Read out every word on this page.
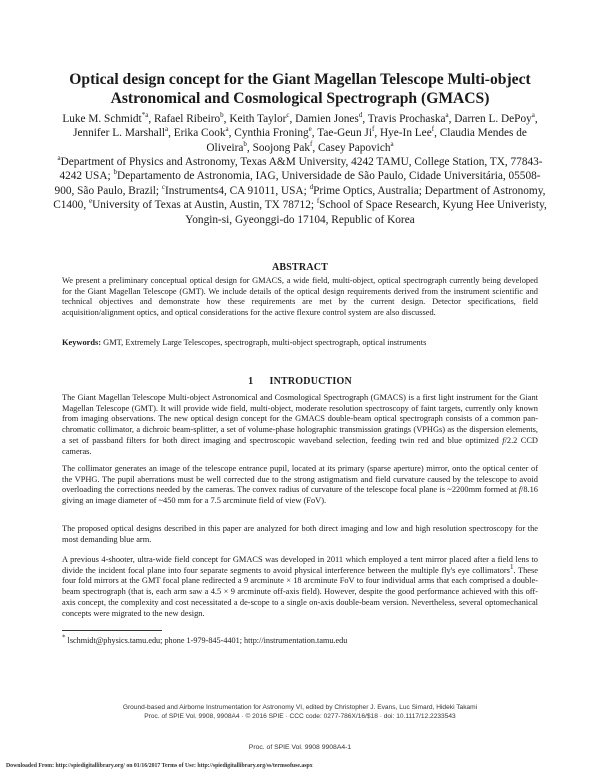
Optical design concept for the Giant Magellan Telescope Multi-object
Astronomical and Cosmological Spectrograph (GMACS)
Luke M. Schmidt$^{*a}$, Rafael Ribeiro$^b$, Keith Taylor$^c$, Damien Jones$^d$, Travis Prochaska$^a$, Darren L. DePoy$^a$, Jennifer L. Marshall$^a$, Erika Cook$^a$, Cynthia Froning$^e$, Tae-Geun Ji$^f$, Hye-In Lee$^f$, Claudia Mendes de Oliveira$^b$, Soojong Pak$^f$, Casey Papovich$^a$
$^a$Department of Physics and Astronomy, Texas A&M University, 4242 TAMU, College Station, TX, 77843-4242 USA; $^b$Departamento de Astronomia, IAG, Universidade de São Paulo, Cidade Universitária, 05508-900, São Paulo, Brazil; $^c$Instruments4, CA 91011, USA; $^d$Prime Optics, Australia; Department of Astronomy, C1400, $^e$University of Texas at Austin, Austin, TX 78712; $^f$School of Space Research, Kyung Hee Univeristy, Yongin-si, Gyeonggi-do 17104, Republic of Korea
ABSTRACT

We present a preliminary conceptual optical design for GMACS, a wide field, multi-object, optical spectrograph currently being developed for the Giant Magellan Telescope (GMT). We include details of the optical design requirements derived from the instrument scientific and technical objectives and demonstrate how these requirements are met by the current design. Detector specifications, field acquisition/alignment optics, and optical considerations for the active flexure control system are also discussed.

Keywords: GMT, Extremely Large Telescopes, spectrograph, multi-object spectrograph, optical instruments

1 INTRODUCTION

The Giant Magellan Telescope Multi-object Astronomical and Cosmological Spectrograph (GMACS) is a first light instrument for the Giant Magellan Telescope (GMT). It will provide wide field, multi-object, moderate resolution spectroscopy of faint targets, currently only known from imaging observations. The new optical design concept for the GMACS double-beam optical spectrograph consists of a common pan-chromatic collimator, a dichroic beam-splitter, a set of volume-phase holographic transmission gratings (VPHGs) as the dispersion elements, a set of passband filters for both direct imaging and spectroscopic waveband selection, feeding twin red and blue optimized f/2.2 CCD cameras.

The collimator generates an image of the telescope entrance pupil, located at its primary (sparse aperture) mirror, onto the optical center of the VPHG. The pupil aberrations must be well corrected due to the strong astigmatism and field curvature caused by the telescope to avoid overloading the corrections needed by the cameras. The convex radius of curvature of the telescope focal plane is ~2200mm formed at f/8.16 giving an image diameter of ~450 mm for a 7.5 arcminute field of view (FoV).

The proposed optical designs described in this paper are analyzed for both direct imaging and low and high resolution spectroscopy for the most demanding blue arm.

A previous 4-shooter, ultra-wide field concept for GMACS was developed in 2011 which employed a tent mirror placed after a field lens to divide the incident focal plane into four separate segments to avoid physical interference between the multiple fly's eye collimators$^1$. These four fold mirrors at the GMT focal plane redirected a 9 arcminute × 18 arcminute FoV to four individual arms that each comprised a double-beam spectrograph (that is, each arm saw a 4.5 × 9 arcminute off-axis field). However, despite the good performance achieved with this off-axis concept, the complexity and cost necessitated a de-scope to a single on-axis double-beam version. Nevertheless, several optomechanical concepts were migrated to the new design.

* lschmidt@physics.tamu.edu; phone 1-979-845-4401; http://instrumentation.tamu.edu
Ground-based and Airborne Instrumentation for Astronomy VI, edited by Christopher J. Evans, Luc Simard, Hideki Takami
Proc. of SPIE Vol. 9908, 9908A4 · © 2016 SPIE · CCC code: 0277-786X/16/$18 · doi: 10.1117/12.2233543
Proc. of SPIE Vol. 9908 9908A4-1
Downloaded From: http://spiedigitallibrary.org/ on 01/16/2017 Terms of Use: http://spiedigitallibrary.org/ss/termsofuse.aspx
